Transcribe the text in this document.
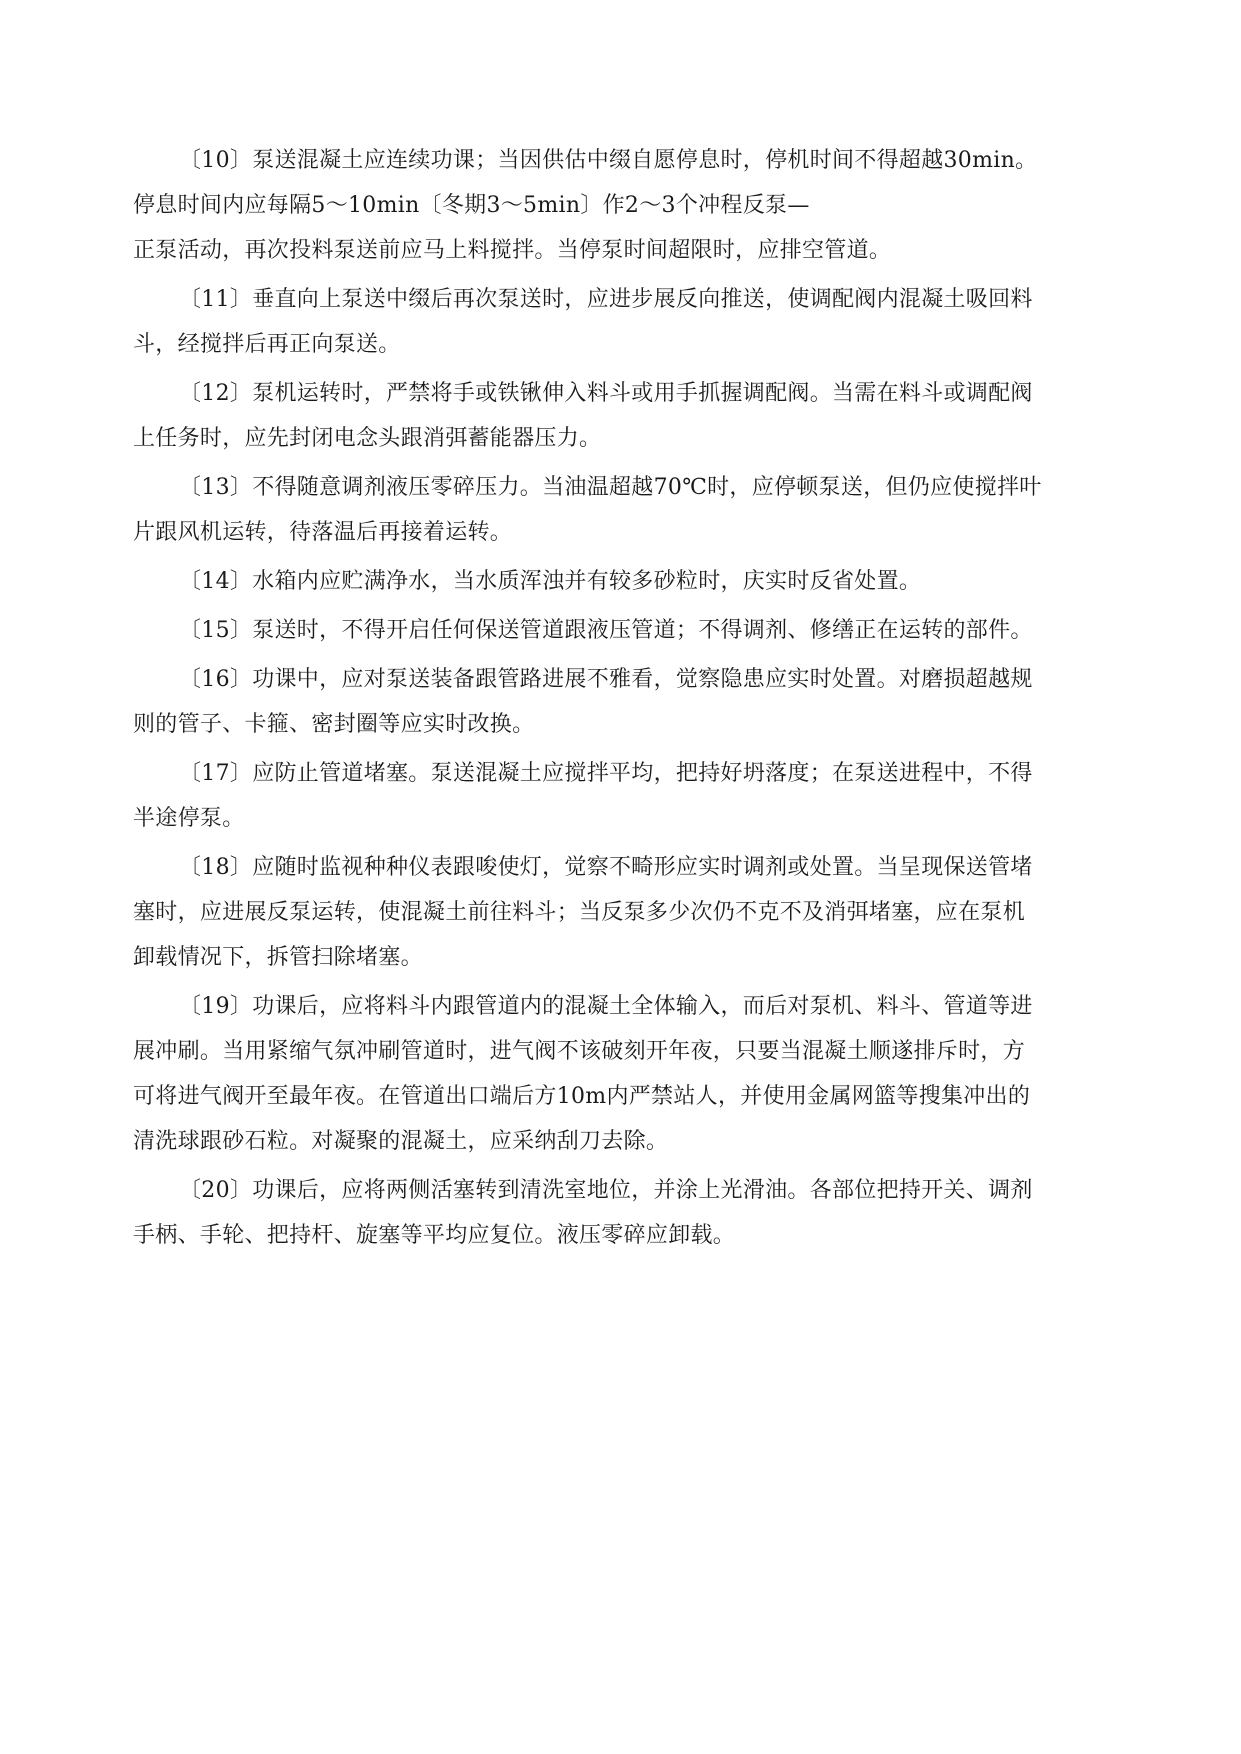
〔10〕泵送混凝土应连续功课；当因供估中缀自愿停息时，停机时间不得超越30min。
停息时间内应每隔5～10min〔冬期3～5min〕作2～3个冲程反泵—
正泵活动，再次投料泵送前应马上料搅拌。当停泵时间超限时，应排空管道。

〔11〕垂直向上泵送中缀后再次泵送时，应进步展反向推送，使调配阀内混凝土吸回料
斗，经搅拌后再正向泵送。

〔12〕泵机运转时，严禁将手或铁锹伸入料斗或用手抓握调配阀。当需在料斗或调配阀
上任务时，应先封闭电念头跟消弭蓄能器压力。

〔13〕不得随意调剂液压零碎压力。当油温超越70℃时，应停顿泵送，但仍应使搅拌叶
片跟风机运转，待落温后再接着运转。

〔14〕水箱内应贮满净水，当水质浑浊并有较多砂粒时，庆实时反省处置。

〔15〕泵送时，不得开启任何保送管道跟液压管道；不得调剂、修缮正在运转的部件。

〔16〕功课中，应对泵送装备跟管路进展不雅看，觉察隐患应实时处置。对磨损超越规
则的管子、卡箍、密封圈等应实时改换。

〔17〕应防止管道堵塞。泵送混凝土应搅拌平均，把持好坍落度；在泵送进程中，不得
半途停泵。

〔18〕应随时监视种种仪表跟唆使灯，觉察不畸形应实时调剂或处置。当呈现保送管堵
塞时，应进展反泵运转，使混凝土前往料斗；当反泵多少次仍不克不及消弭堵塞，应在泵机
卸载情况下，拆管扫除堵塞。

〔19〕功课后，应将料斗内跟管道内的混凝土全体输入，而后对泵机、料斗、管道等进
展冲刷。当用紧缩气氛冲刷管道时，进气阀不该破刻开年夜，只要当混凝土顺遂排斥时，方
可将进气阀开至最年夜。在管道出口端后方10m内严禁站人，并使用金属网篮等搜集冲出的
清洗球跟砂石粒。对凝聚的混凝土，应采纳刮刀去除。

〔20〕功课后，应将两侧活塞转到清洗室地位，并涂上光滑油。各部位把持开关、调剂
手柄、手轮、把持杆、旋塞等平均应复位。液压零碎应卸载。
